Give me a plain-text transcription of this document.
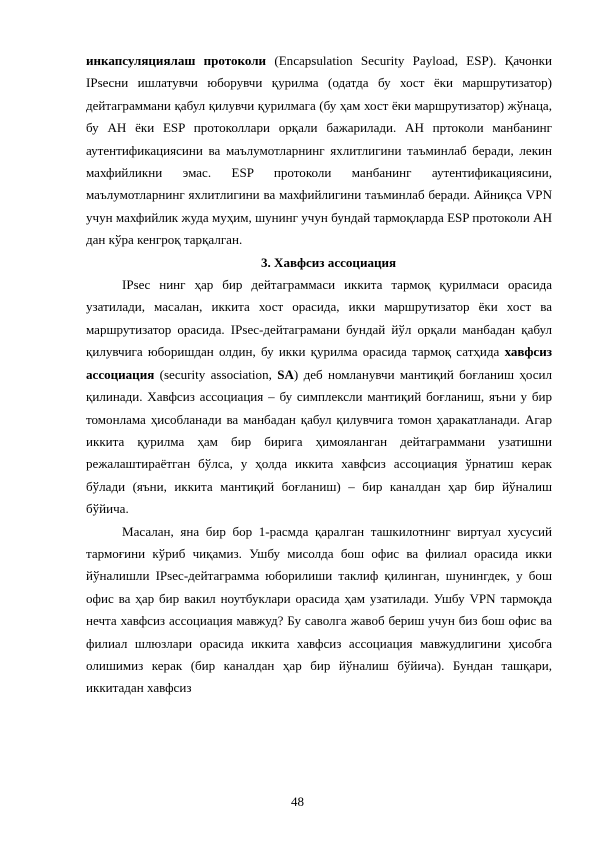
инкапсуляциялаш протоколи (Encapsulation Security Payload, ESP). Қачонки IPsecни ишлатувчи юборувчи қурилма (одатда бу хост ёки маршрутизатор) дейтаграммани қабул қилувчи қурилмага (бу ҳам хост ёки маршрутизатор) жўнаца, бу AH ёки ESP протоколлари орқали бажарилади. AH пртоколи манбанинг аутентификациясини ва маълумотларнинг яхлитлигини таъминлаб беради, лекин махфийликни эмас. ESP протоколи манбанинг аутентификациясини, маълумотларнинг яхлитлигини ва махфийлигини таъминлаб беради. Айниқса VPN учун махфийлик жуда муҳим, шунинг учун бундай тармоқларда ESP протоколи AH дан кўра кенгроқ тарқалган.

3. Хавфсиз ассоциация

IPsec нинг ҳар бир дейтаграммаси иккита тармоқ қурилмаси орасида узатилади, масалан, иккита хост орасида, икки маршрутизатор ёки хост ва маршрутизатор орасида. IPsec-дейтаграмани бундай йўл орқали манбадан қабул қилувчига юборишдан олдин, бу икки қурилма орасида тармоқ сатҳида хавфсиз ассоциация (security association, SA) деб номланувчи мантиқий боғланиш ҳосил қилинади. Хавфсиз ассоциация – бу симплексли мантиқий боғланиш, яъни у бир томонлама ҳисобланади ва манбадан қабул қилувчига томон ҳаракатланади. Агар иккита қурилма ҳам бир бирига ҳимояланган дейтаграммани узатишни режалаштираётган бўлса, у ҳолда иккита хавфсиз ассоциация ўрнатиш керак бўлади (яъни, иккита мантиқий боғланиш) – бир каналдан ҳар бир йўналиш бўйича.

Масалан, яна бир бор 1-расмда қаралган ташкилотнинг виртуал хусусий тармоғини кўриб чиқамиз. Ушбу мисолда бош офис ва филиал орасида икки йўналишли IPsec-дейтаграмма юборилиши таклиф қилинган, шунингдек, у бош офис ва ҳар бир вакил ноутбуклари орасида ҳам узатилади. Ушбу VPN тармоқда нечта хавфсиз ассоциация мавжуд? Бу саволга жавоб бериш учун биз бош офис ва филиал шлюзлари орасида иккита хавфсиз ассоциация мавжудлигини ҳисобга олишимиз керак (бир каналдан ҳар бир йўналиш бўйича). Бундан ташқари, иккитадан хавфсиз

48
